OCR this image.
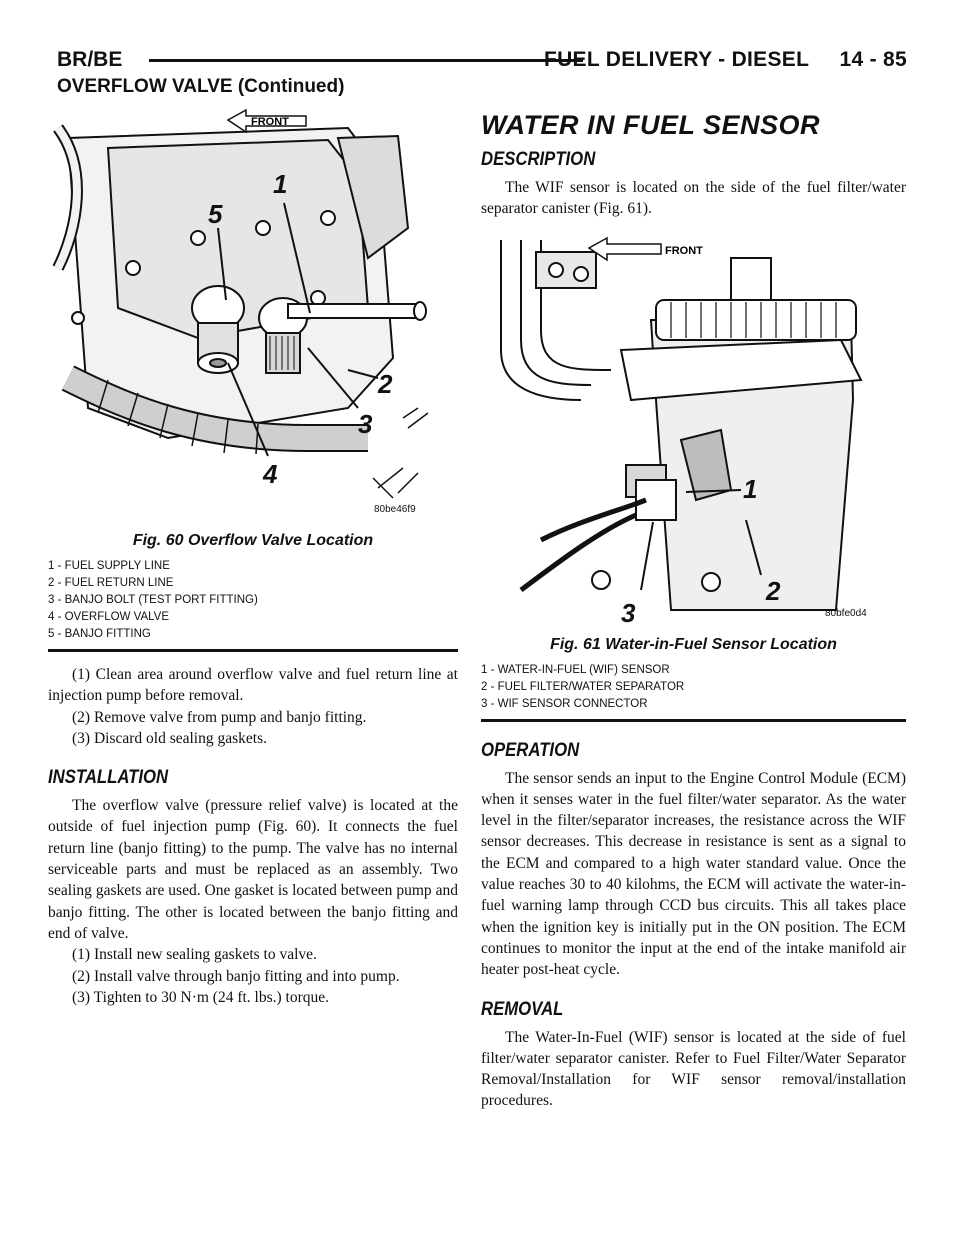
BR/BE	FUEL DELIVERY - DIESEL     14 - 85
OVERFLOW VALVE (Continued)
FRONT
1
2
3
4
5
80be46f9
Fig. 60 Overflow Valve Location
1 - FUEL SUPPLY LINE
2 - FUEL RETURN LINE
3 - BANJO BOLT (TEST PORT FITTING)
4 - OVERFLOW VALVE
5 - BANJO FITTING

(1) Clean area around overflow valve and fuel return line at injection pump before removal.

(2) Remove valve from pump and banjo fitting.

(3) Discard old sealing gaskets.

INSTALLATION

The overflow valve (pressure relief valve) is located at the outside of fuel injection pump (Fig. 60). It connects the fuel return line (banjo fitting) to the pump. The valve has no internal serviceable parts and must be replaced as an assembly. Two sealing gaskets are used. One gasket is located between pump and banjo fitting. The other is located between the banjo fitting and end of valve.

(1) Install new sealing gaskets to valve.

(2) Install valve through banjo fitting and into pump.

(3) Tighten to 30 N·m (24 ft. lbs.) torque.

WATER IN FUEL SENSOR
DESCRIPTION

The WIF sensor is located on the side of the fuel filter/water separator canister (Fig. 61).

FRONT
1
2
3	80bfe0d4
Fig. 61 Water-in-Fuel Sensor Location
1 - WATER-IN-FUEL (WIF) SENSOR
2 - FUEL FILTER/WATER SEPARATOR
3 - WIF SENSOR CONNECTOR
OPERATION

The sensor sends an input to the Engine Control Module (ECM) when it senses water in the fuel filter/water separator. As the water level in the filter/separator increases, the resistance across the WIF sensor decreases. This decrease in resistance is sent as a signal to the ECM and compared to a high water standard value. Once the value reaches 30 to 40 kilohms, the ECM will activate the water-in-fuel warning lamp through CCD bus circuits. This all takes place when the ignition key is initially put in the ON position. The ECM continues to monitor the input at the end of the intake manifold air heater post-heat cycle.

REMOVAL

The Water-In-Fuel (WIF) sensor is located at the side of fuel filter/water separator canister. Refer to Fuel Filter/Water Separator Removal/Installation for WIF sensor removal/installation procedures.
